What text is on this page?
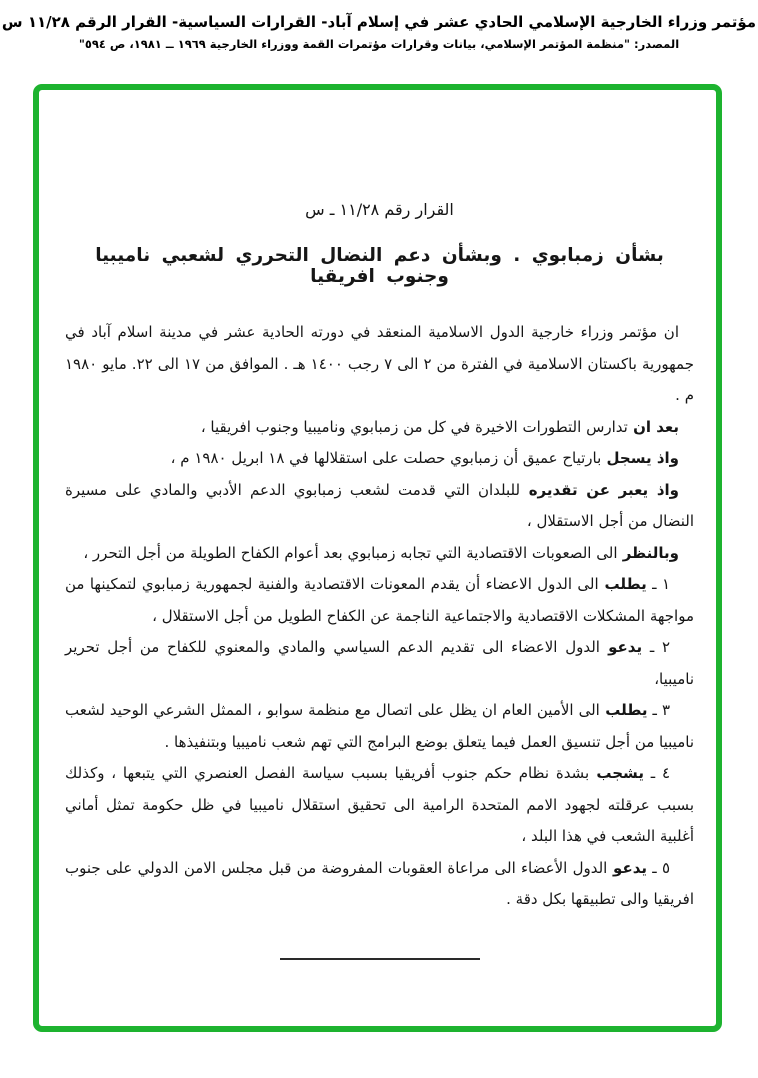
مؤتمر وزراء الخارجية الإسلامي الحادي عشر في إسلام آباد- القرارات السياسية- القرار الرقم ١١/٢٨ س
المصدر: "منظمة المؤتمر الإسلامي، بيانات وقرارات مؤتمرات القمة ووزراء الخارجية ١٩٦٩ ــ ١٩٨١، ص ٥٩٤"
القرار رقم ١١/٢٨ ـ س
بشأن زمبابوي . وبشأن دعم النضال التحرري لشعبي ناميبيا وجنوب افريقيا

ان مؤتمر وزراء خارجية الدول الاسلامية المنعقد في دورته الحادية عشر في مدينة اسلام آباد في جمهورية باكستان الاسلامية في الفترة من ٢ الى ٧ رجب ١٤٠٠ هـ . الموافق من ١٧ الى ٢٢. مايو ١٩٨٠ م .

بعد ان تدارس التطورات الاخيرة في كل من زمبابوي وناميبيا وجنوب افريقيا ،

واذ يسجل بارتياح عميق أن زمبابوي حصلت على استقلالها في ١٨ ابريل ١٩٨٠ م ،

واذ يعبر عن تقديره للبلدان التي قدمت لشعب زمبابوي الدعم الأدبي والمادي على مسيرة النضال من أجل الاستقلال ،

وبالنظر الى الصعوبات الاقتصادية التي تجابه زمبابوي بعد أعوام الكفاح الطويلة من أجل التحرر ،

١ ـ يطلب الى الدول الاعضاء أن يقدم المعونات الاقتصادية والفنية لجمهورية زمبابوي لتمكينها من مواجهة المشكلات الاقتصادية والاجتماعية الناجمة عن الكفاح الطويل من أجل الاستقلال ،

٢ ـ يدعو الدول الاعضاء الى تقديم الدعم السياسي والمادي والمعنوي للكفاح من أجل تحرير ناميبيا،

٣ ـ يطلب الى الأمين العام ان يظل على اتصال مع منظمة سوابو ، الممثل الشرعي الوحيد لشعب ناميبيا من أجل تنسيق العمل فيما يتعلق بوضع البرامج التي تهم شعب ناميبيا وبتنفيذها .

٤ ـ يشجب بشدة نظام حكم جنوب أفريقيا بسبب سياسة الفصل العنصري التي يتبعها ، وكذلك بسبب عرقلته لجهود الامم المتحدة الرامية الى تحقيق استقلال ناميبيا في ظل حكومة تمثل أماني أغلبية الشعب في هذا البلد ،

٥ ـ يدعو الدول الأعضاء الى مراعاة العقوبات المفروضة من قبل مجلس الامن الدولي على جنوب افريقيا والى تطبيقها بكل دقة .
